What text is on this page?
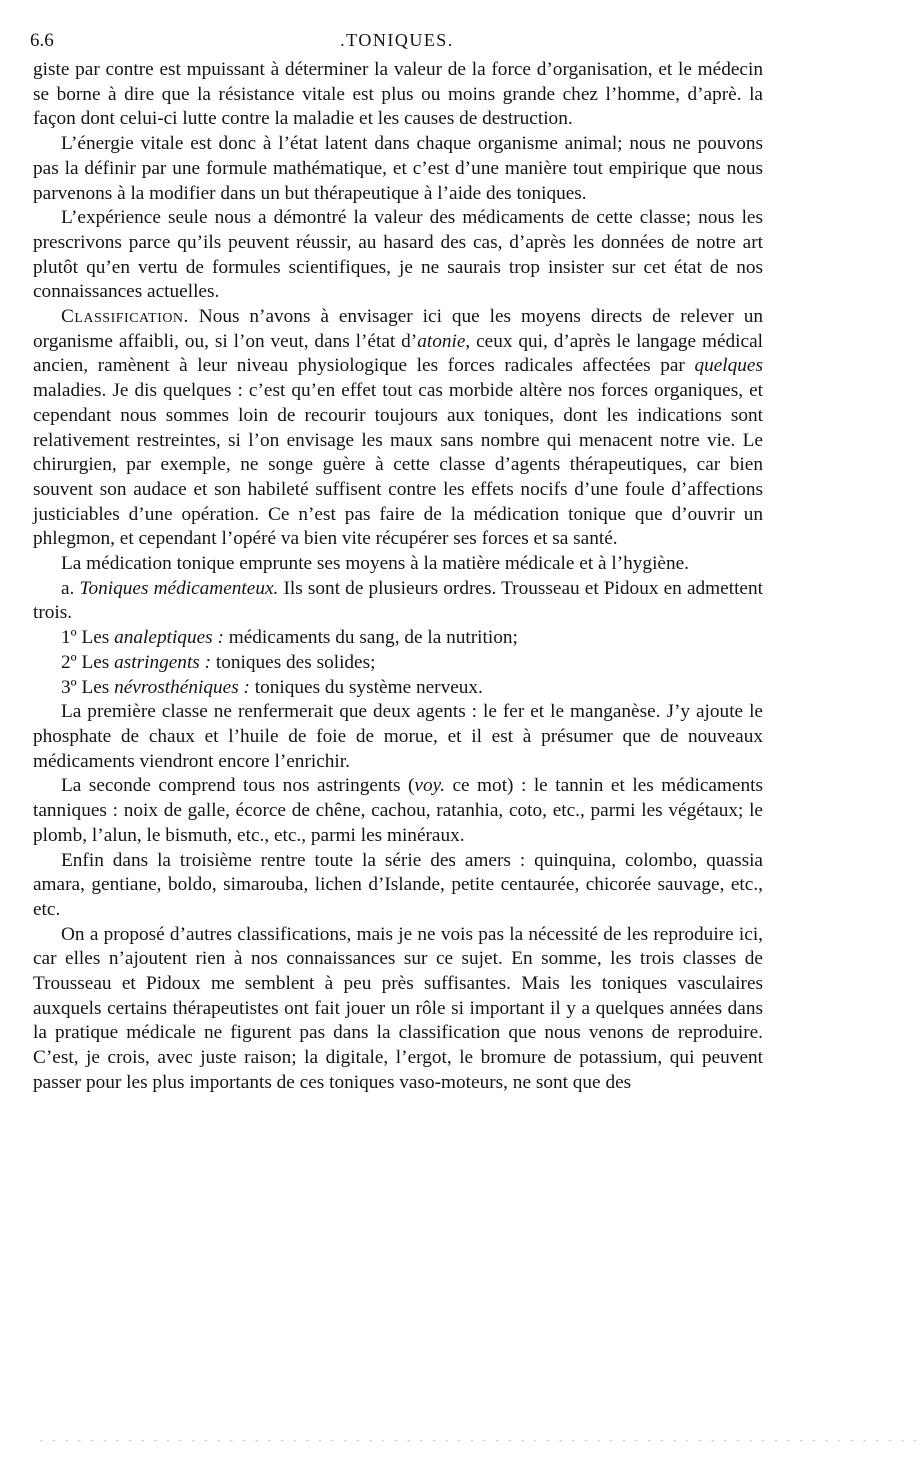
6.6	.TONIQUES.

giste par contre est mpuissant à déterminer la valeur de la force d’organisation, et le médecin se borne à dire que la résistance vitale est plus ou moins grande chez l’homme, d’aprè. la façon dont celui-ci lutte contre la maladie et les causes de destruction.

L’énergie vitale est donc à l’état latent dans chaque organisme animal; nous ne pouvons pas la définir par une formule mathématique, et c’est d’une manière tout empirique que nous parvenons à la modifier dans un but thérapeutique à l’aide des toniques.

L’expérience seule nous a démontré la valeur des médicaments de cette classe; nous les prescrivons parce qu’ils peuvent réussir, au hasard des cas, d’après les données de notre art plutôt qu’en vertu de formules scientifiques, je ne saurais trop insister sur cet état de nos connaissances actuelles.

Classification. Nous n’avons à envisager ici que les moyens directs de relever un organisme affaibli, ou, si l’on veut, dans l’état d’atonie, ceux qui, d’après le langage médical ancien, ramènent à leur niveau physiologique les forces radicales affectées par quelques maladies. Je dis quelques : c’est qu’en effet tout cas morbide altère nos forces organiques, et cependant nous sommes loin de recourir toujours aux toniques, dont les indications sont relativement restreintes, si l’on envisage les maux sans nombre qui menacent notre vie. Le chirurgien, par exemple, ne songe guère à cette classe d’agents thérapeutiques, car bien souvent son audace et son habileté suffisent contre les effets nocifs d’une foule d’affections justiciables d’une opération. Ce n’est pas faire de la médication tonique que d’ouvrir un phlegmon, et cependant l’opéré va bien vite récupérer ses forces et sa santé.

La médication tonique emprunte ses moyens à la matière médicale et à l’hygiène.

a. Toniques médicamenteux. Ils sont de plusieurs ordres. Trousseau et Pidoux en admettent trois.

1º Les analeptiques : médicaments du sang, de la nutrition;

2º Les astringents : toniques des solides;

3º Les névrosthéniques : toniques du système nerveux.

La première classe ne renfermerait que deux agents : le fer et le manganèse. J’y ajoute le phosphate de chaux et l’huile de foie de morue, et il est à présumer que de nouveaux médicaments viendront encore l’enrichir.

La seconde comprend tous nos astringents (voy. ce mot) : le tannin et les médicaments tanniques : noix de galle, écorce de chêne, cachou, ratanhia, coto, etc., parmi les végétaux; le plomb, l’alun, le bismuth, etc., etc., parmi les minéraux.

Enfin dans la troisième rentre toute la série des amers : quinquina, colombo, quassia amara, gentiane, boldo, simarouba, lichen d’Islande, petite centaurée, chicorée sauvage, etc., etc.

On a proposé d’autres classifications, mais je ne vois pas la nécessité de les reproduire ici, car elles n’ajoutent rien à nos connaissances sur ce sujet. En somme, les trois classes de Trousseau et Pidoux me semblent à peu près suffisantes. Mais les toniques vasculaires auxquels certains thérapeutistes ont fait jouer un rôle si important il y a quelques années dans la pratique médicale ne figurent pas dans la classification que nous venons de reproduire. C’est, je crois, avec juste raison; la digitale, l’ergot, le bromure de potassium, qui peuvent passer pour les plus importants de ces toniques vaso-moteurs, ne sont que des

‑ ‑ ‑ ‑ ‑ ‑ ‑ ‑ ‑ ‑ ‑ ‑ ‑ ‑ ‑ ‑ ‑ ‑ ‑ ‑ ‑ ‑ ‑ ‑ ‑ ‑ ‑ ‑ ‑ ‑ ‑ ‑ ‑ ‑ ‑ ‑ ‑ ‑ ‑ ‑ ‑ ‑ ‑ ‑ ‑ ‑ ‑ ‑ ‑ ‑ ‑ ‑ ‑ ‑ ‑ ‑ ‑ ‑ ‑ ‑ ‑ ‑ ‑ ‑ ‑ ‑ ‑ ‑ ‑ ‑
